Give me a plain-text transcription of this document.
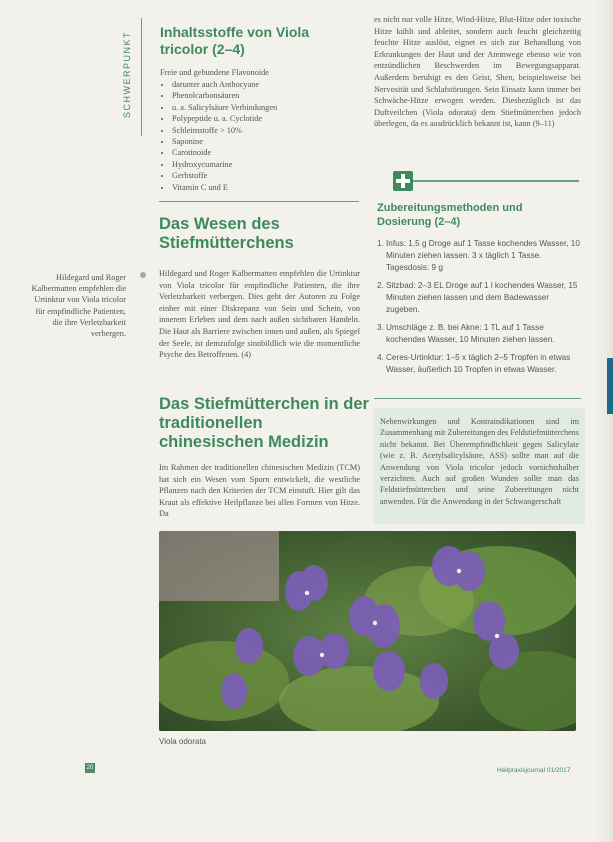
SCHWERPUNKT Inhaltsstoffe von Viola tricolor (2–4)
Freie und gebundene Flavonoide
• darunter auch Anthocyane
• Phenolcarbonsäuren
• u. a. Salicylsäure Verbindungen
• Polypeptide u. a. Cyclotide
• Schleimstoffe > 10%
• Saponine
• Carotinoide
• Hydroxycumarine
• Gerbstoffe
• Vitamin C und E
Das Wesen des Stiefmütterchens
Hildegard und Roger Kalbermatten empfehlen die Urtinktur von Viola tricolor für empfindliche Patienten, die ihre Verletzbarkeit verbergen.
Hildegard und Roger Kalbermatten empfehlen die Urtinktur von Viola tricolor für empfindliche Patienten, die ihre Verletzbarkeit verbergen. Dies geht der Autoren zu Folge einher mit einer Diskrepanz von Sein und Schein, von innerem Erleben und dem nach außen sichtbaren Handeln. Die Haut als Barriere zwischen innen und außen, als Spiegel der Seele, ist demzufolge sinnbildlich wie die momentliche Psyche des Betroffenen. (4)
Das Stiefmütterchen in der traditionellen chinesischen Medizin
Im Rahmen der traditionellen chinesischen Medizin (TCM) hat sich ein Wesen vom Sporn entwickelt, die westliche Pflanzen nach den Kriterien der TCM einstuft. Hier gilt das Kraut als effektive Heilpflanze bei allen Formen von Hitze. Da
es nicht nur volle Hitze, Wind-Hitze, Blut-Hitze oder toxische Hitze kühlt und ableitet, sondern auch feucht gleichzeitig feuchte Hitze auslöst, eignet es sich zur Behandlung von Erkrankungen der Haut und der Atemwege ebenso wie von entzündlichen Beschwerden im Bewegungsapparat. Außerdem beruhigt es den Geist, Shen, beispielsweise bei Nervosität und Schlafstörungen. Sein Einsatz kann immer bei Schwäche-Hitze erwogen werden. Diesbezüglich ist das Duftveilchen (Viola odorata) dem Stiefmütterchen jedoch überlegen, da es ausdrücklich bekannt ist, kann (9–11)
Zubereitungsmethoden und Dosierung (2–4)
1. Infus: 1,5 g Droge auf 1 Tasse kochendes Wasser, 10 Minuten ziehen lassen. 3 x täglich 1 Tasse. Tagesdosis: 9 g
2. Sitzbad: 2–3 EL Droge auf 1 l kochendes Wasser, 15 Minuten ziehen lassen und dem Badewasser zugeben.
3. Umschläge z. B. bei Akne: 1 TL auf 1 Tasse kochendes Wasser, 10 Minuten ziehen lassen.
4. Ceres-Urtinktur: 1–5 x täglich 2–5 Tropfen in etwas Wasser, äußerlich 10 Tropfen in etwas Wasser.
Nebenwirkungen und Kontraindikationen sind im Zusammenhang mit Zubereitungen des Feldstiefmütterchens nicht bekannt. Bei Überempfindlichkeit gegen Salicylate (wie z. B. Acetylsalicylsäure, ASS) sollte man auf die Anwendung von Viola tricolor jedoch vorsichtshalber verzichten. Auch auf großen Wunden sollte man das Feldstiefmütterchen und seine Zubereitungen nicht anwenden. Für die Anwendung in der Schwangerschaft
Viola odorata
20	Heilpraxisjournal 01/2017
